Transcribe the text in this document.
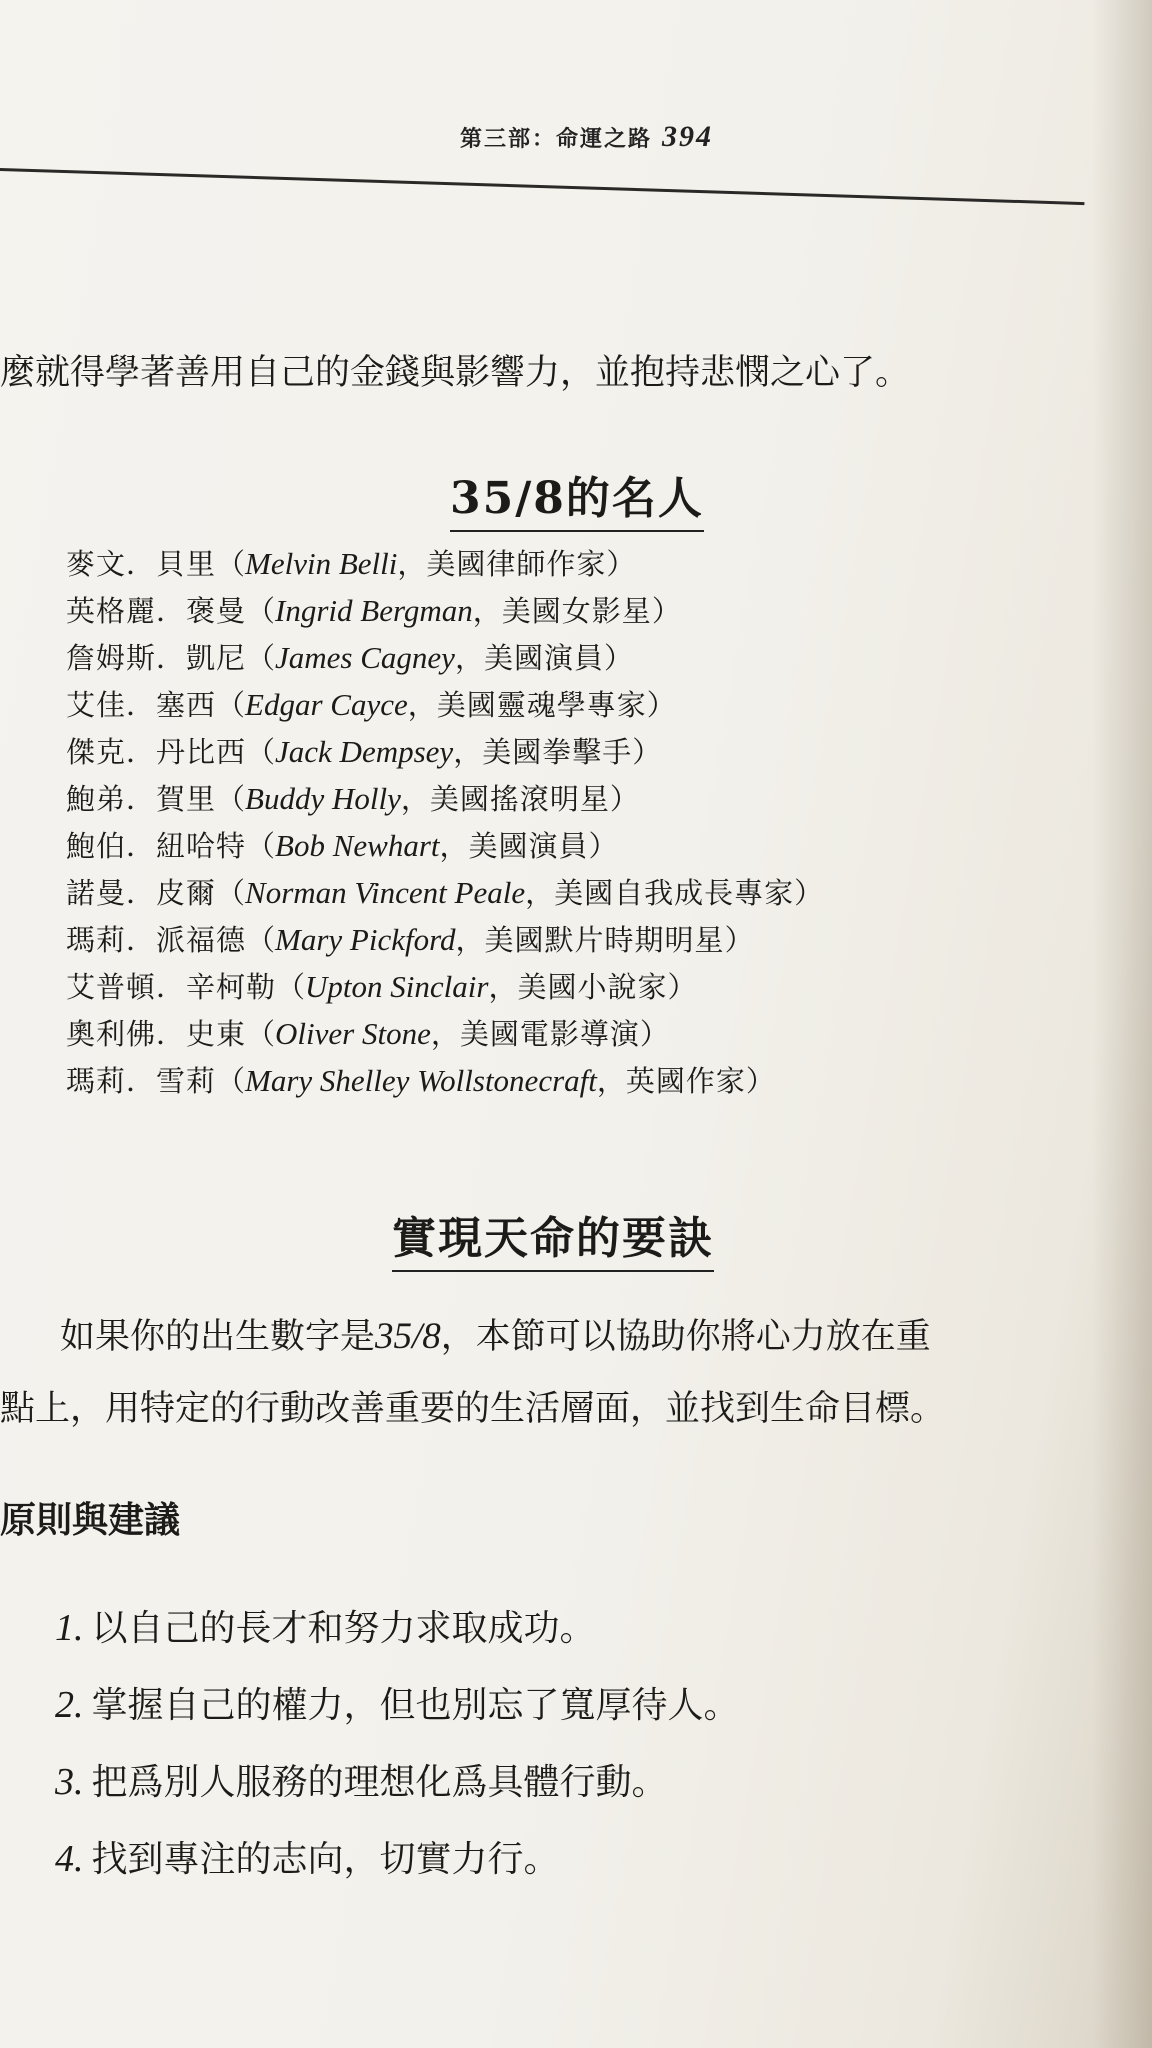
第三部：命運之路 394
麼就得學著善用自己的金錢與影響力，並抱持悲憫之心了。
35/8的名人
麥文．貝里（Melvin Belli，美國律師作家）
英格麗．褒曼（Ingrid Bergman，美國女影星）
詹姆斯．凱尼（James Cagney，美國演員）
艾佳．塞西（Edgar Cayce，美國靈魂學專家）
傑克．丹比西（Jack Dempsey，美國拳擊手）
鮑弟．賀里（Buddy Holly，美國搖滾明星）
鮑伯．紐哈特（Bob Newhart，美國演員）
諾曼．皮爾（Norman Vincent Peale，美國自我成長專家）
瑪莉．派福德（Mary Pickford，美國默片時期明星）
艾普頓．辛柯勒（Upton Sinclair，美國小說家）
奧利佛．史東（Oliver Stone，美國電影導演）
瑪莉．雪莉（Mary Shelley Wollstonecraft，英國作家）
實現天命的要訣
如果你的出生數字是35/8，本節可以協助你將心力放在重
點上，用特定的行動改善重要的生活層面，並找到生命目標。
原則與建議
1. 以自己的長才和努力求取成功。
2. 掌握自己的權力，但也別忘了寬厚待人。
3. 把爲別人服務的理想化爲具體行動。
4. 找到專注的志向，切實力行。
